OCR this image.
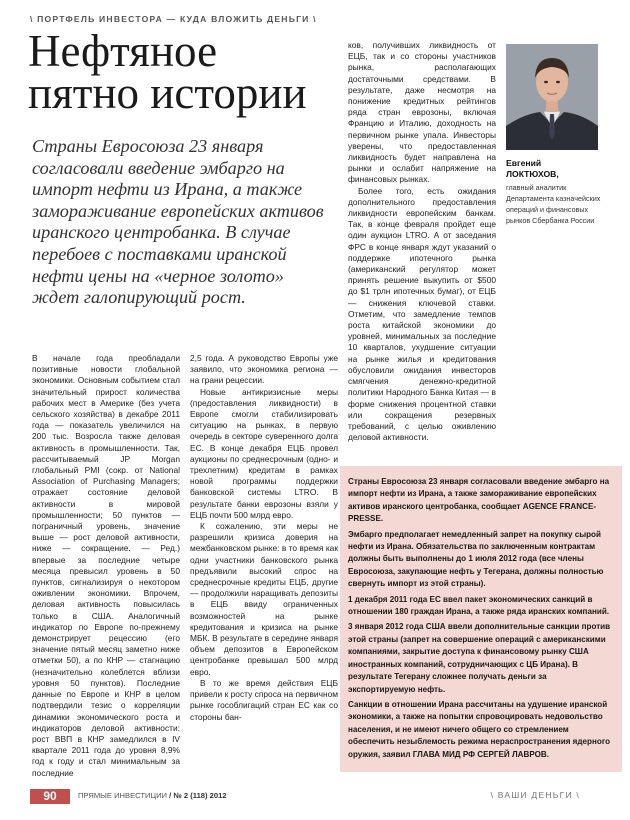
\ ПОРТФЕЛЬ ИНВЕСТОРА — КУДА ВЛОЖИТЬ ДЕНЬГИ \
Нефтяное пятно истории
Страны Евросоюза 23 января согласовали введение эмбарго на импорт нефти из Ирана, а также замораживание европейских активов иранского центробанка. В случае перебоев с поставками иранской нефти цены на «черное золото» ждет галопирующий рост.

В начале года преобладали позитивные новости глобальной экономики. Основным событием стал значительный прирост количества рабочих мест в Америке (без учета сельского хозяйства) в декабре 2011 года — показатель увеличился на 200 тыс. Возросла также деловая активность в промышленности. Так, рассчитываемый JP Morgan глобальный PMI (сокр. от National Association of Purchasing Managers; отражает состояние деловой активности в мировой промышленности; 50 пунктов — пограничный уровень, значение выше — рост деловой активности, ниже — сокращение. — Ред.) впервые за последние четыре месяца превысил уровень в 50 пунктов, сигнализируя о некотором оживлении экономики. Впрочем, деловая активность повысилась только в США. Аналогичный индикатор по Европе по-прежнему демонстрирует рецессию (его значение пятый месяц заметно ниже отметки 50), а по КНР — стагнацию (незначительно колеблется вблизи уровня 50 пунктов). Последние данные по Европе и КНР в целом подтвердили тезис о корреляции динамики экономического роста и индикаторов деловой активности: рост ВВП в КНР замедлился в IV квартале 2011 года до уровня 8,9% год к году и стал минимальным за последние

2,5 года. А руководство Европы уже заявило, что экономика региона — на грани рецессии.

Новые антикризисные меры (предоставления ликвидности) в Европе смогли стабилизировать ситуацию на рынках, в первую очередь в секторе суверенного долга ЕС. В конце декабря ЕЦБ провел аукционы по среднесрочным (одно- и трехлетним) кредитам в рамках новой программы поддержки банковской системы LTRO. В результате банки еврозоны взяли у ЕЦБ почти 500 млрд евро.

К сожалению, эти меры не разрешили кризиса доверия на межбанковском рынке: в то время как одни участники банковского рынка предъявили высокий спрос на среднесрочные кредиты ЕЦБ, другие — продолжили наращивать депозиты в ЕЦБ ввиду ограниченных возможностей на рынке кредитования и кризиса на рынке МБК. В результате в середине января объем депозитов в Европейском центробанке превышал 500 млрд евро.

В то же время действия ЕЦБ привели к росту спроса на первичном рынке гособлигаций стран ЕС как со стороны бан-

ков, получивших ликвидность от ЕЦБ, так и со стороны участников рынка, располагающих достаточными средствами. В результате, даже несмотря на понижение кредитных рейтингов ряда стран еврозоны, включая Францию и Италию, доходность на первичном рынке упала. Инвесторы уверены, что предоставленная ликвидность будет направлена на рынки и ослабит напряжение на финансовых рынках.

Более того, есть ожидания дополнительного предоставления ликвидности европейским банкам. Так, в конце февраля пройдет еще один аукцион LTRO. А от заседания ФРС в конце января ждут указаний о поддержке ипотечного рынка (американский регулятор может принять решение выкупить от $500 до $1 трлн ипотечных бумаг), от ЕЦБ — снижения ключевой ставки. Отметим, что замедление темпов роста китайской экономики до уровней, минимальных за последние 10 кварталов, ухудшение ситуации на рынке жилья и кредитования обусловили ожидания инвесторов смягчения денежно-кредитной политики Народного Банка Китая — в форме снижения процентной ставки или сокращения резервных требований, с целью оживлению деловой активности.

Евгений
ЛОКТЮХОВ,
главный аналитик Департамента казначейских операций и финансовых рынков Сбербанка России

Страны Евросоюза 23 января согласовали введение эмбарго на импорт нефти из Ирана, а также замораживание европейских активов иранского центробанка, сообщает AGENCE FRANCE-PRESSE.

Эмбарго предполагает немедленный запрет на покупку сырой нефти из Ирана. Обязательства по заключенным контрактам должны быть выполнены до 1 июля 2012 года (все члены Евросоюза, закупающие нефть у Тегерана, должны полностью свернуть импорт из этой страны).

1 декабря 2011 года ЕС ввел пакет экономических санкций в отношении 180 граждан Ирана, а также ряда иранских компаний.

3 января 2012 года США ввели дополнительные санкции против этой страны (запрет на совершение операций с американскими компаниями, закрытие доступа к финансовому рынку США иностранных компаний, сотрудничающих с ЦБ Ирана). В результате Тегерану сложнее получать деньги за экспортируемую нефть.

Санкции в отношении Ирана рассчитаны на удушение иранской экономики, а также на попытки спровоцировать недовольство населения, и не имеют ничего общего со стремлением обеспечить незыблемость режима нераспространения ядерного оружия, заявил ГЛАВА МИД РФ СЕРГЕЙ ЛАВРОВ.

90	ПРЯМЫЕ ИНВЕСТИЦИИ / № 2 (118) 2012	\ ВАШИ ДЕНЬГИ \
